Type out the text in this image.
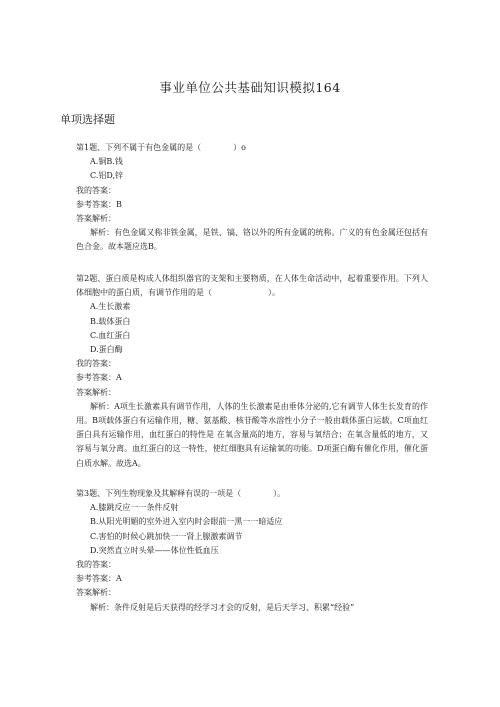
事业单位公共基础知识模拟164
单项选择题
第1题、下列不属于有色金属的是（　　　　）o
A.铜B.钱
C.铝D,锌
我的答案：
参考答案：B
答案解析：
解析：有色金属又称非铁金属，是铁、镐、铬以外的所有金属的统称。广义的有色金属还包括有色合金。故本题应选B。
第2题、蛋白质是构成人体组织器官的支架和主要物质，在人体生命活动中，起着重要作用。下列人体细胞中的蛋白质，有调节作用的是（　　　　　　　）。
A.生长激素
B.载体蛋白
C.血红蛋白
D.蛋白酶
我的答案：
参考答案：A
答案解析：
解析：A项生长激素具有调节作用，人体的生长激素是由垂体分泌的,它有调节人体生长发育的作用。B项载体蛋白有运输作用，糖、氨基酸、核苷酸等水溶性小分子一般由载体蛋白运载。C项血红蛋白具有运输作用，血红蛋白的特性是 在氧含量高的地方，容易与氧结合；在氧含量低的地方，又容易与氧分离。血红蛋白的这一特性，使红细胞具有运输氧的功能。D项蛋白酶有催化作用，催化蛋白质水解。故选A。
第3题、下列生物现象及其解释有误的一项是（　　　　）。
A.膝跳反应一一条件反射
B.从阳光明媚的室外进入室内时会眼前一黑一一暗适应
C.害怕的时候心跳加快一一肾上腺激素调节
D.突然直立时头晕——体位性低血压
我的答案：
参考答案：A
答案解析：
解析：条件反射是后天获得的经学习才会的反射，是后天学习、积累“经验”
